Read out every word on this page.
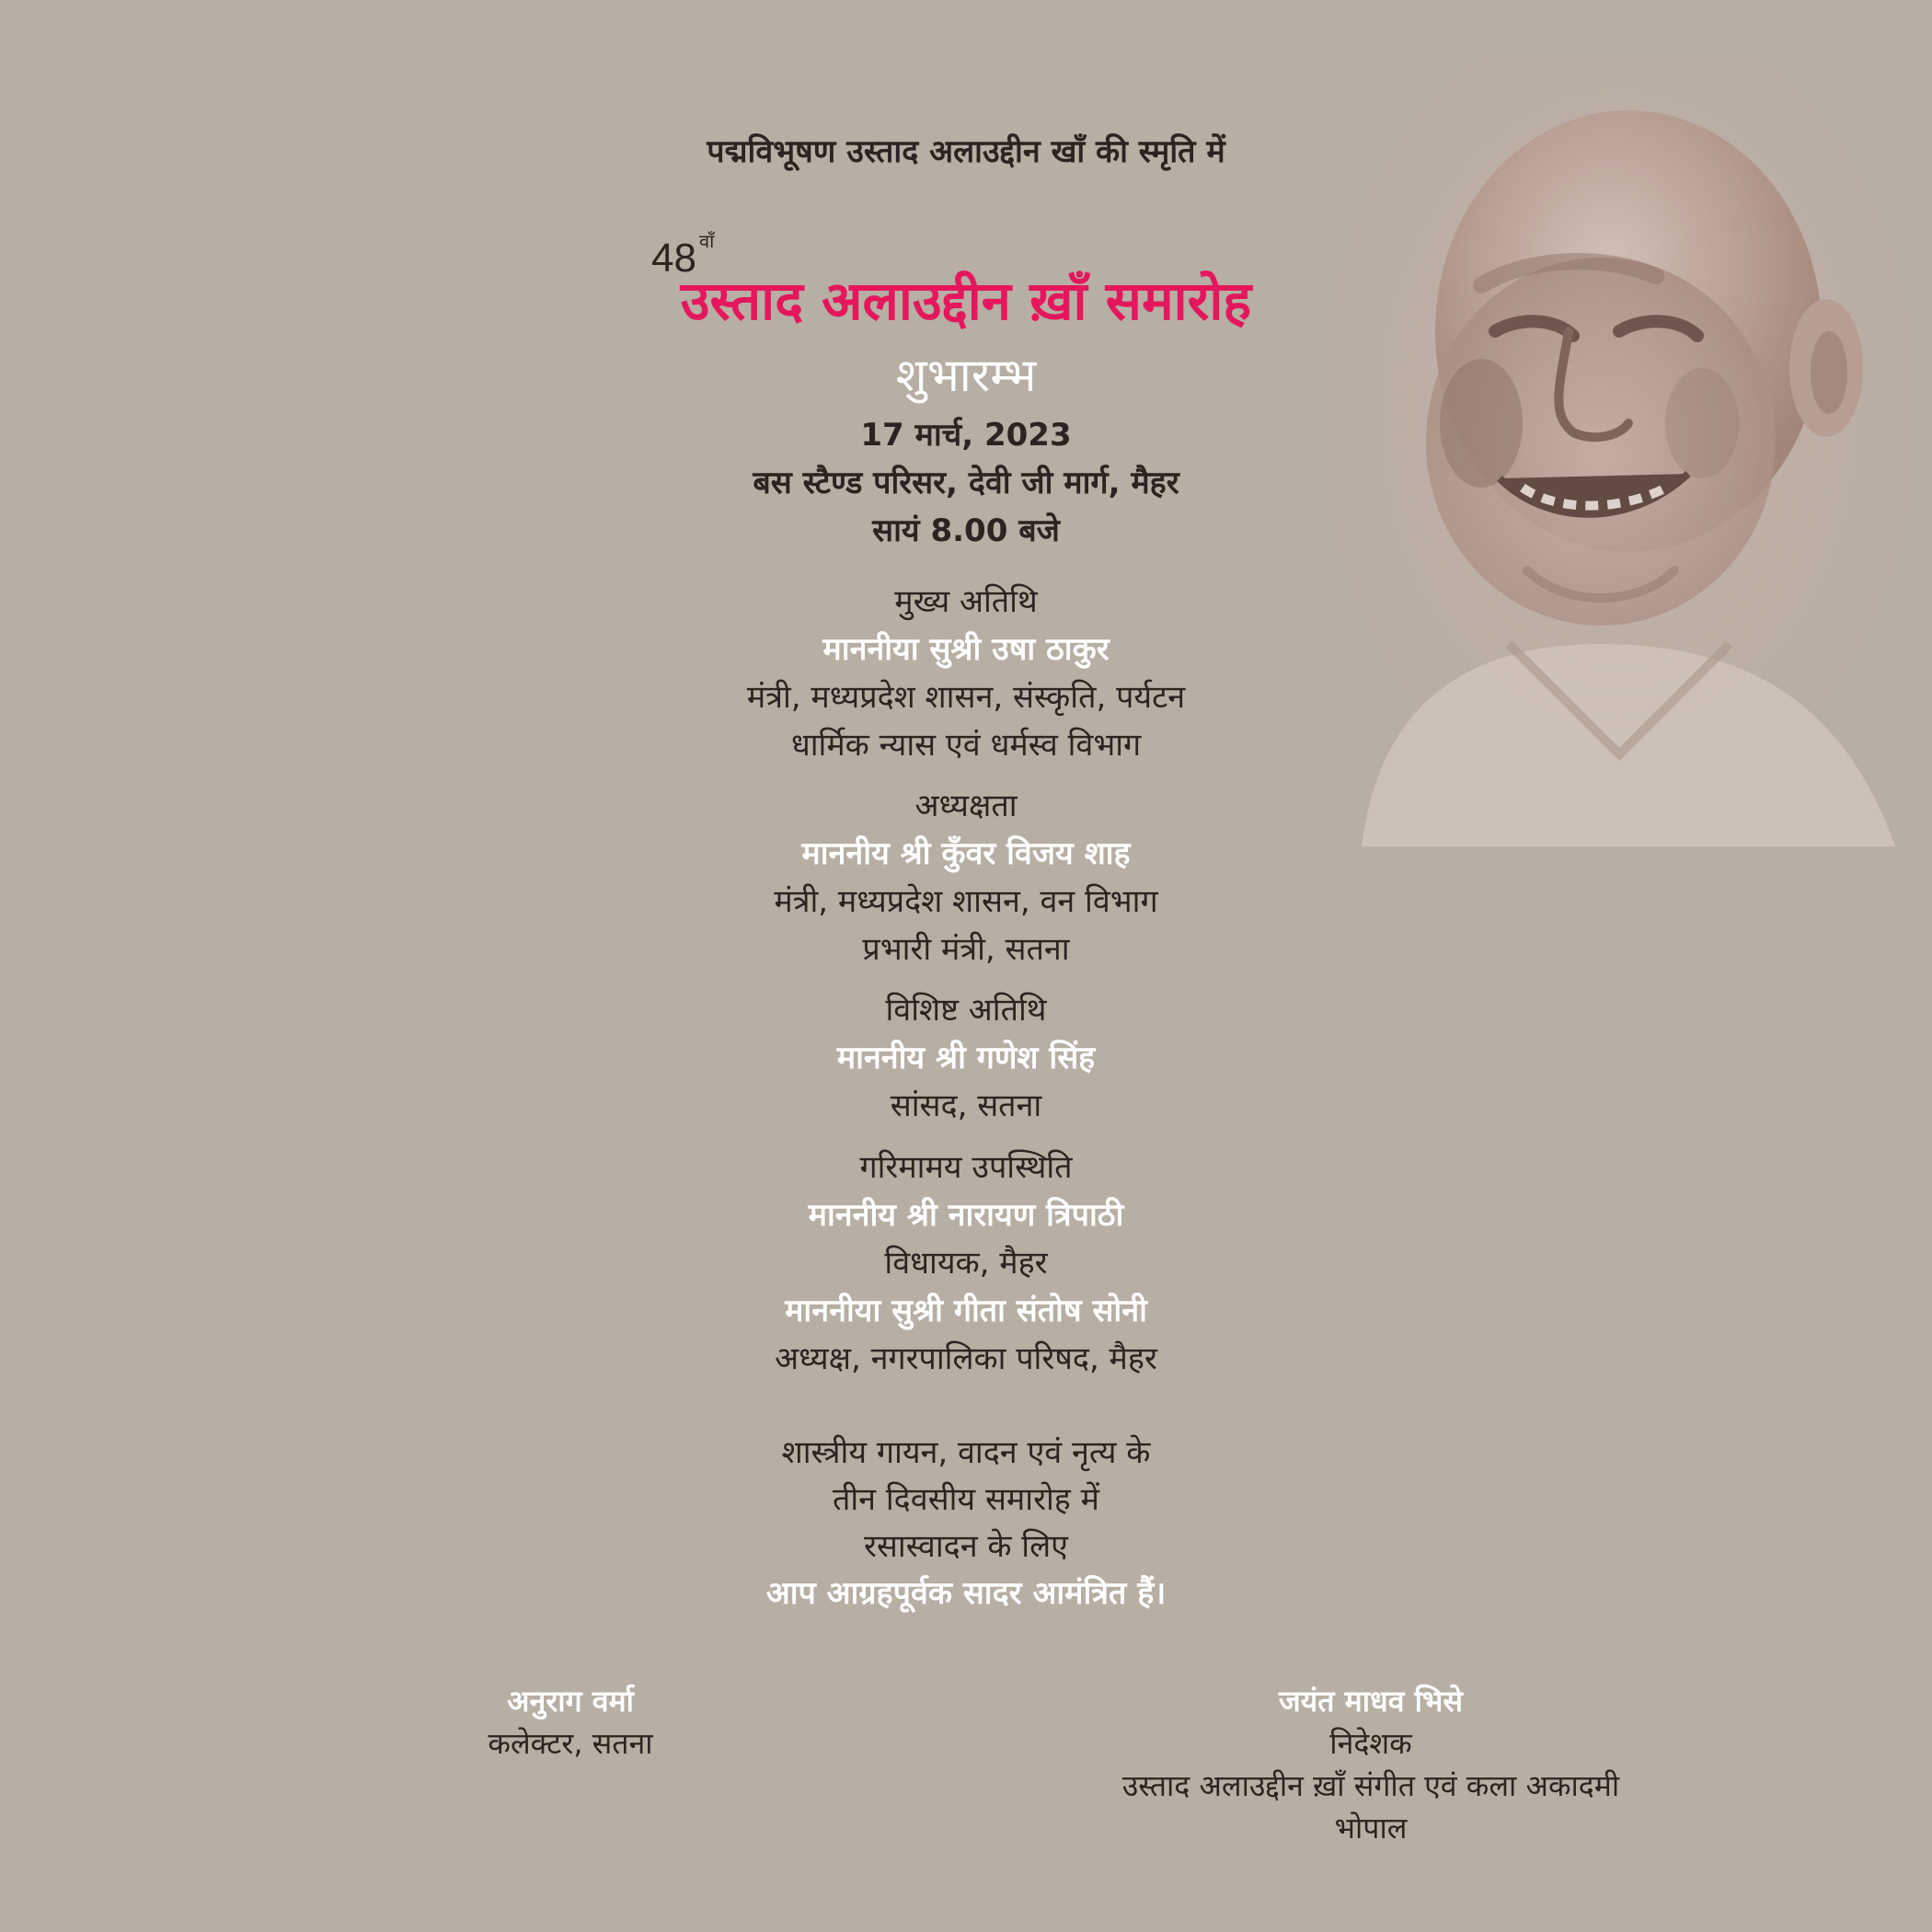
पद्मविभूषण उस्ताद अलाउद्दीन खाँ की स्मृति में
48 वाँ
उस्ताद अलाउद्दीन ख़ाँ समारोह
शुभारम्भ
17 मार्च, 2023
बस स्टैण्ड परिसर, देवी जी मार्ग, मैहर
सायं 8.00 बजे
मुख्य अतिथि
माननीया सुश्री उषा ठाकुर
मंत्री, मध्यप्रदेश शासन, संस्कृति, पर्यटन
धार्मिक न्यास एवं धर्मस्व विभाग
अध्यक्षता
माननीय श्री कुँवर विजय शाह
मंत्री, मध्यप्रदेश शासन, वन विभाग
प्रभारी मंत्री, सतना
विशिष्ट अतिथि
माननीय श्री गणेश सिंह
सांसद, सतना
गरिमामय उपस्थिति
माननीय श्री नारायण त्रिपाठी
विधायक, मैहर
माननीया सुश्री गीता संतोष सोनी
अध्यक्ष, नगरपालिका परिषद, मैहर
शास्त्रीय गायन, वादन एवं नृत्य के
तीन दिवसीय समारोह में
रसास्वादन के लिए
आप आग्रहपूर्वक सादर आमंत्रित हैं।
अनुराग वर्मा
कलेक्टर, सतना
जयंत माधव भिसे
निदेशक
उस्ताद अलाउद्दीन ख़ाँ संगीत एवं कला अकादमी
भोपाल
